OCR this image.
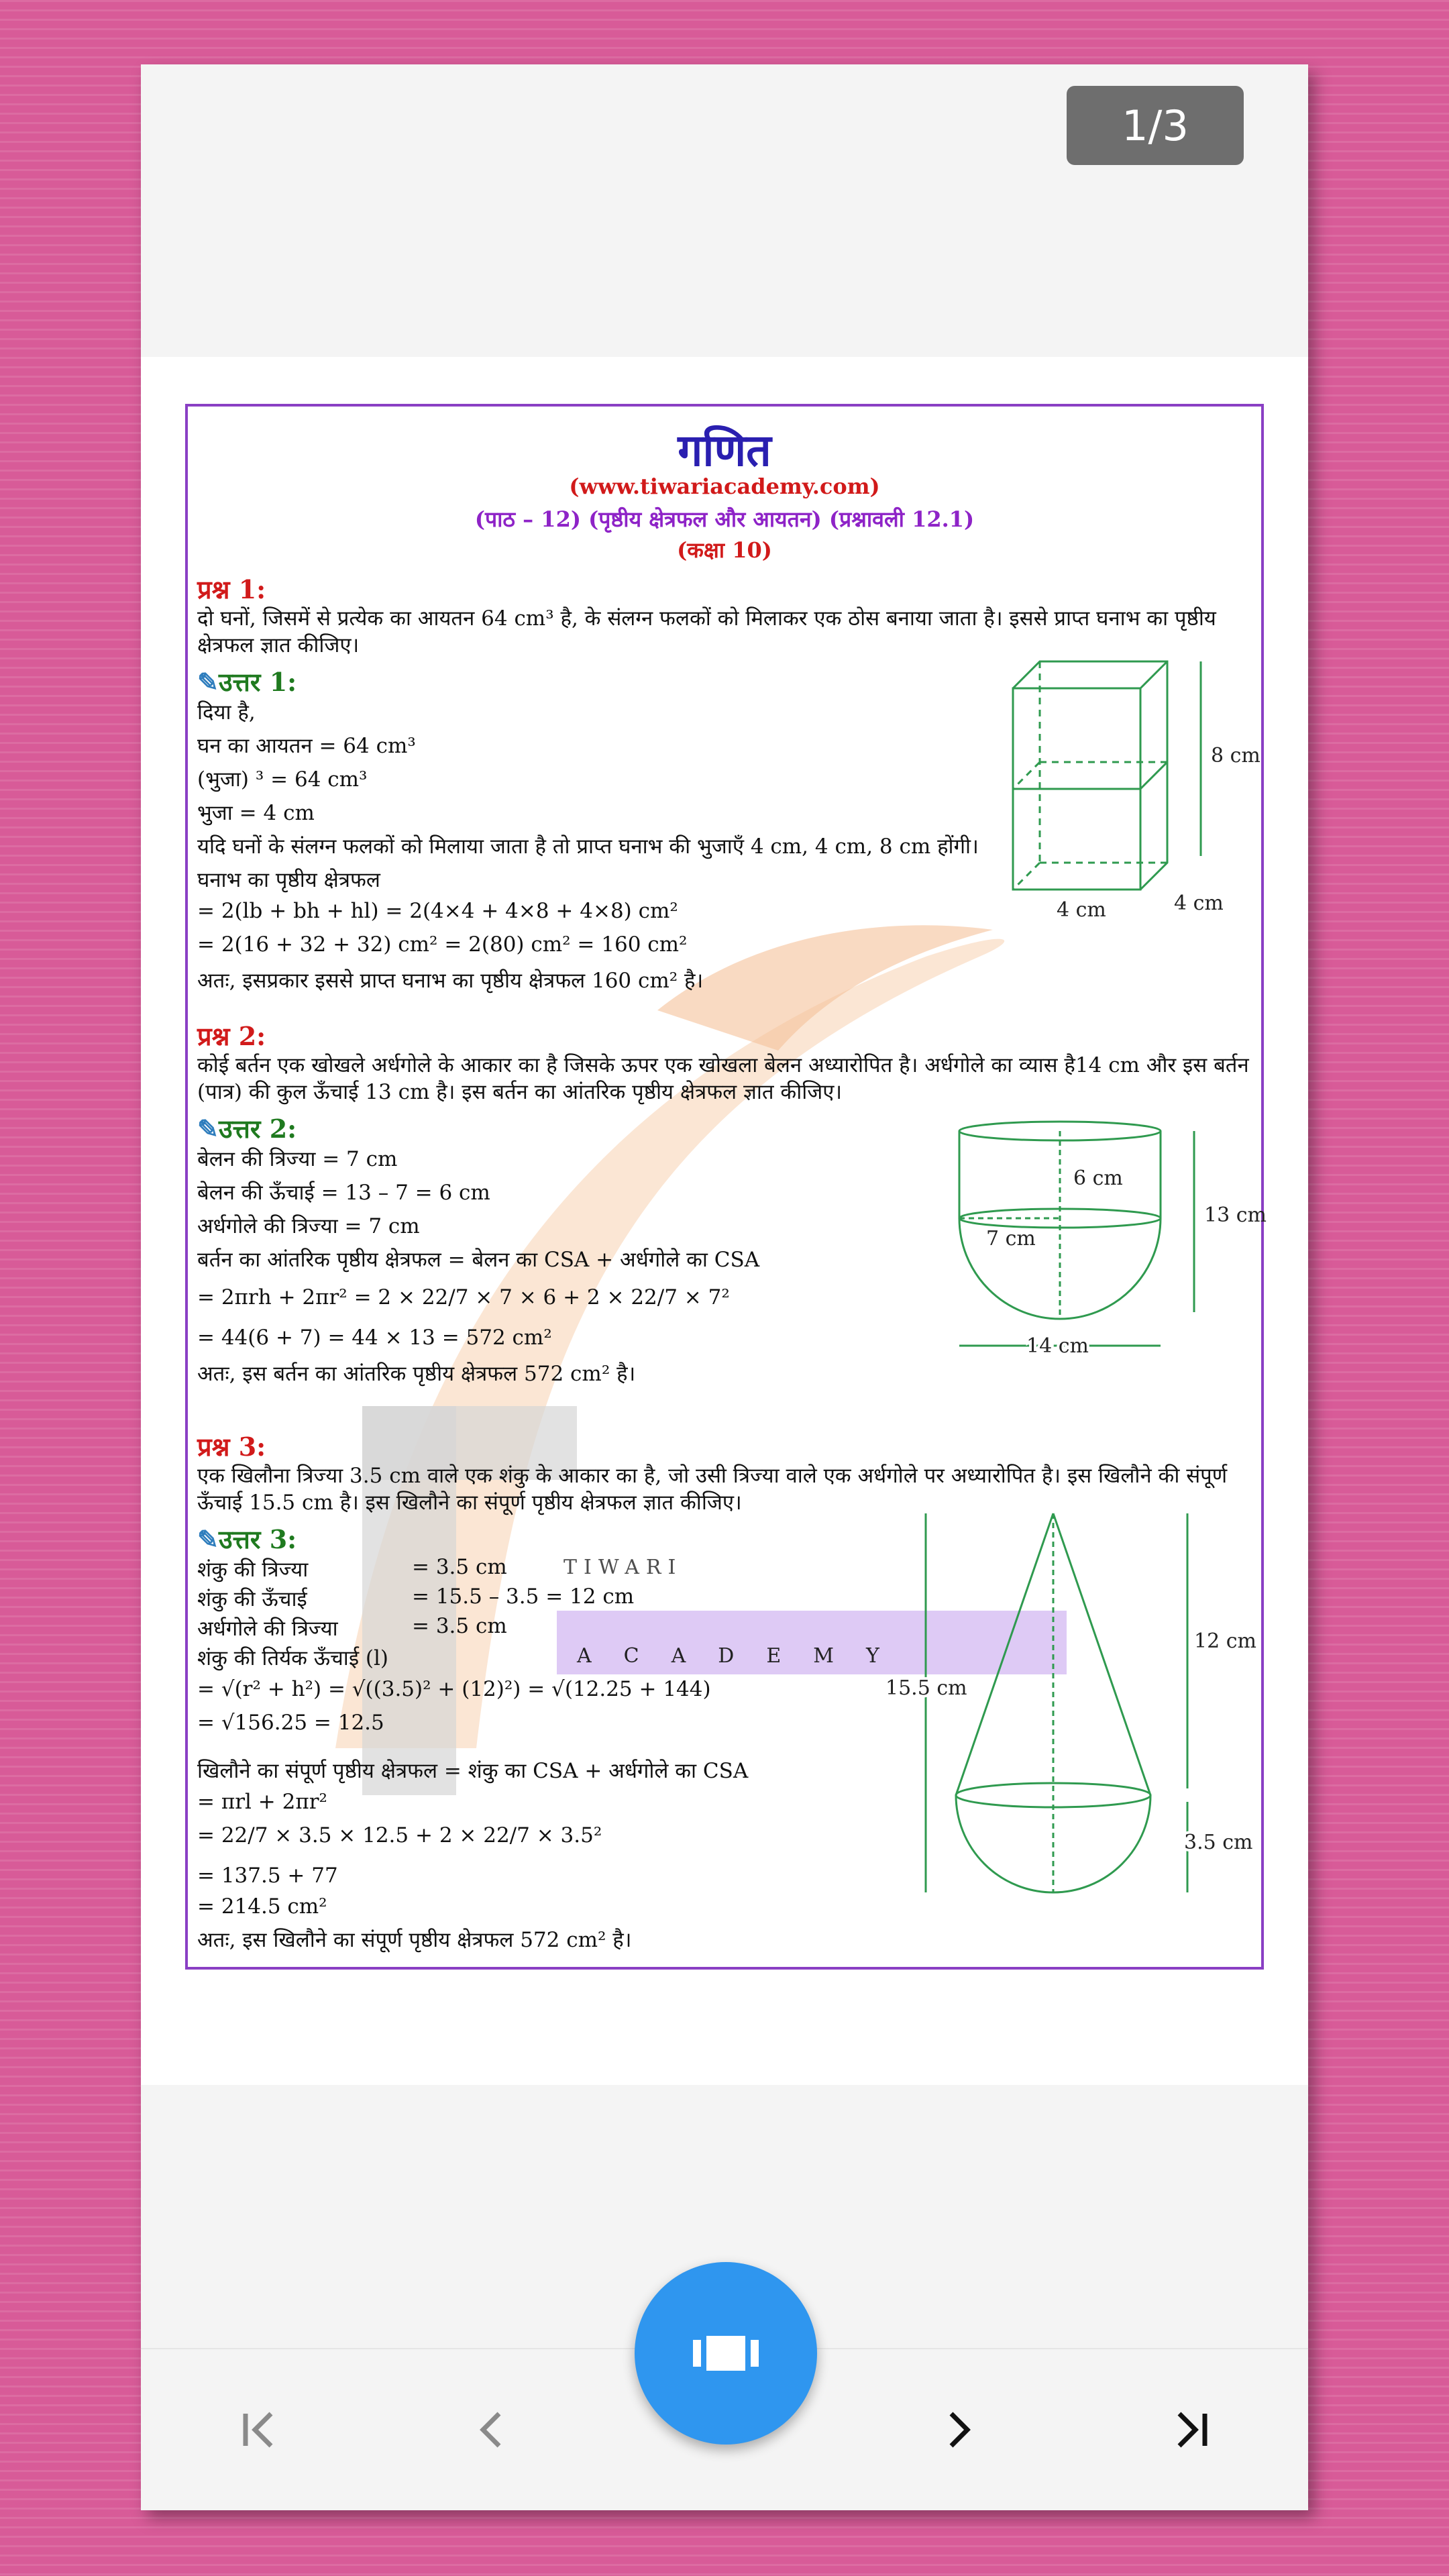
TIWARI
ACADEMY
गणित
(www.tiwariacademy.com)
(पाठ – 12) (पृष्ठीय क्षेत्रफल और आयतन) (प्रश्नावली 12.1)
(कक्षा 10)
प्रश्न 1:
दो घनों, जिसमें से प्रत्येक का आयतन 64 cm³ है, के संलग्न फलकों को मिलाकर एक ठोस बनाया जाता है। इससे प्राप्त घनाभ का पृष्ठीय क्षेत्रफल ज्ञात कीजिए।
✎उत्तर 1:
दिया है,
घन का आयतन = 64 cm³
(भुजा) ³ = 64 cm³
भुजा = 4 cm
यदि घनों के संलग्न फलकों को मिलाया जाता है तो प्राप्त घनाभ की भुजाएँ 4 cm, 4 cm, 8 cm होंगी।
घनाभ का पृष्ठीय क्षेत्रफल
= 2(lb + bh + hl) = 2(4×4 + 4×8 + 4×8) cm²
= 2(16 + 32 + 32) cm² = 2(80) cm² = 160 cm²
अतः, इसप्रकार इससे प्राप्त घनाभ का पृष्ठीय क्षेत्रफल 160 cm² है।
8 cm
4 cm	4 cm
प्रश्न 2:
कोई बर्तन एक खोखले अर्धगोले के आकार का है जिसके ऊपर एक खोखला बेलन अध्यारोपित है। अर्धगोले का व्यास है14 cm और इस बर्तन (पात्र) की कुल ऊँचाई 13 cm है। इस बर्तन का आंतरिक पृष्ठीय क्षेत्रफल ज्ञात कीजिए।
✎उत्तर 2:
बेलन की त्रिज्या = 7 cm
बेलन की ऊँचाई = 13 – 7 = 6 cm
अर्धगोले की त्रिज्या = 7 cm
बर्तन का आंतरिक पृष्ठीय क्षेत्रफल = बेलन का CSA + अर्धगोले का CSA
= 2πrh + 2πr² = 2 × 22/7 × 7 × 6 + 2 × 22/7 × 7²
= 44(6 + 7) = 44 × 13 = 572 cm²
अतः, इस बर्तन का आंतरिक पृष्ठीय क्षेत्रफल 572 cm² है।
6 cm
13 cm
7 cm
14 cm
प्रश्न 3:
एक खिलौना त्रिज्या 3.5 cm वाले एक शंकु के आकार का है, जो उसी त्रिज्या वाले एक अर्धगोले पर अध्यारोपित है। इस खिलौने की संपूर्ण ऊँचाई 15.5 cm है। इस खिलौने का संपूर्ण पृष्ठीय क्षेत्रफल ज्ञात कीजिए।
✎उत्तर 3:
शंकु की त्रिज्या	= 3.5 cm
शंकु की ऊँचाई	= 15.5 – 3.5 = 12 cm
अर्धगोले की त्रिज्या	= 3.5 cm
शंकु की तिर्यक ऊँचाई (l)
= √(r² + h²) = √((3.5)² + (12)²) = √(12.25 + 144)
= √156.25 = 12.5
खिलौने का संपूर्ण पृष्ठीय क्षेत्रफल = शंकु का CSA + अर्धगोले का CSA
= πrl + 2πr²
= 22/7 × 3.5 × 12.5 + 2 × 22/7 × 3.5²
= 137.5 + 77
= 214.5 cm²
अतः, इस खिलौने का संपूर्ण पृष्ठीय क्षेत्रफल 572 cm² है।
15.5 cm
12 cm
3.5 cm
1/3
